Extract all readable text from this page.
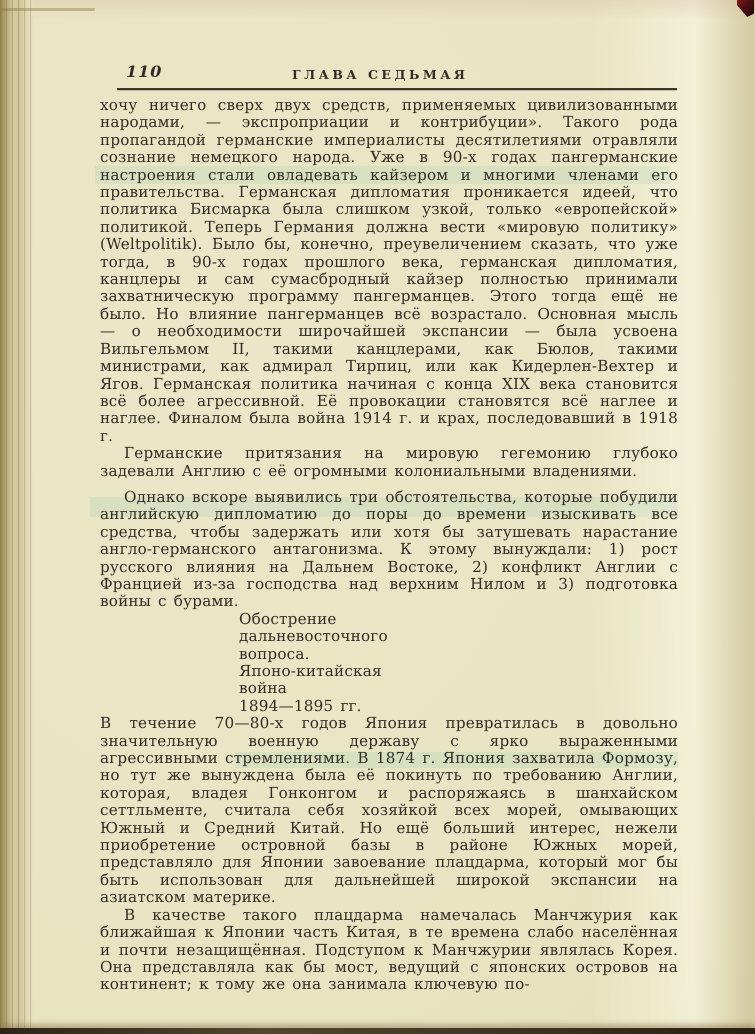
110	ГЛАВА СЕДЬМАЯ

хочу ничего сверх двух средств, применяемых цивилизованными народами, — экспроприации и контрибуции». Такого рода пропагандой германские империалисты десятилетиями отравляли сознание немецкого народа. Уже в 90-х годах пангерманские настроения стали овладевать кайзером и многими членами его правительства. Германская дипломатия проникается идеей, что политика Бисмарка была слишком узкой, только «европейской» политикой. Теперь Германия должна вести «мировую политику» (Weltpolitik). Было бы, конечно, преувеличением сказать, что уже тогда, в 90-х годах прошлого века, германская дипломатия, канцлеры и сам сумасбродный кайзер полностью принимали захватническую программу пангерманцев. Этого тогда ещё не было. Но влияние пангерманцев всё возрастало. Основная мысль — о необходимости широчайшей экспансии — была усвоена Вильгельмом II, такими канцлерами, как Бюлов, такими министрами, как адмирал Тирпиц, или как Кидерлен-Вехтер и Ягов. Германская политика начиная с конца XIX века становится всё более агрессивной. Её провокации становятся всё наглее и наглее. Финалом была война 1914 г. и крах, последовавший в 1918 г.

Германские притязания на мировую гегемонию глубоко задевали Англию с её огромными колониальными владениями.

Однако вскоре выявились три обстоятельства, которые побудили английскую дипломатию до поры до времени изыскивать все средства, чтобы задержать или хотя бы затушевать нарастание англо-германского антагонизма. К этому вынуждали: 1) рост русского влияния на Дальнем Востоке, 2) конфликт Англии с Францией из-за господства над верхним Нилом и 3) подготовка войны с бурами.

Обострение
дальневосточного
вопроса.
Японо-китайская
война
1894—1895 гг.
В течение 70—80-х годов Япония превратилась в довольно значительную военную державу с ярко выраженными агрессивными стремлениями. В 1874 г. Япония захватила Формозу, но тут же вынуждена была её покинуть по требованию Англии, которая, владея Гонконгом и распоряжаясь в шанхайском сеттльменте, считала себя хозяйкой всех морей, омывающих Южный и Средний Китай. Но ещё больший интерес, нежели приобретение островной базы в районе Южных морей, представляло для Японии завоевание плацдарма, который мог бы быть использован для дальнейшей широкой экспансии на азиатском материке.

В качестве такого плацдарма намечалась Манчжурия как ближайшая к Японии часть Китая, в те времена слабо населённая и почти незащищённая. Подступом к Манчжурии являлась Корея. Она представляла как бы мост, ведущий с японских островов на континент; к тому же она занимала ключевую по-
